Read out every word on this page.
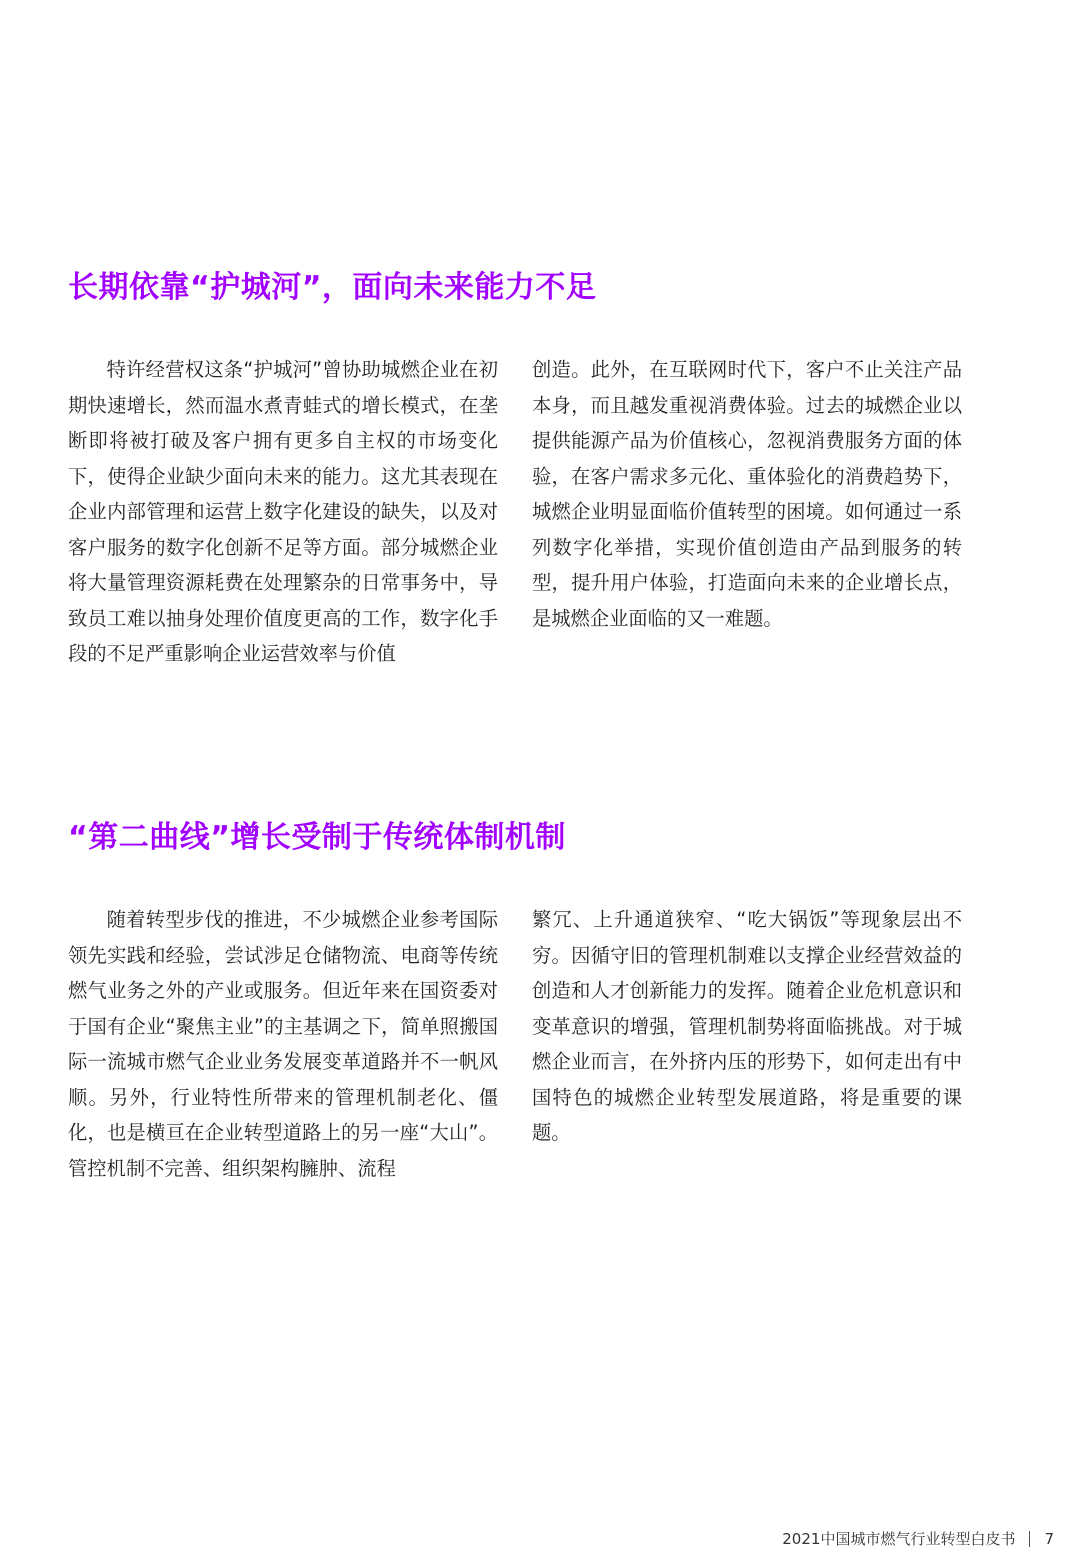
长期依靠“护城河”，面向未来能力不足

特许经营权这条“护城河”曾协助城燃企业在初期快速增长，然而温水煮青蛙式的增长模式，在垄断即将被打破及客户拥有更多自主权的市场变化下，使得企业缺少面向未来的能力。这尤其表现在企业内部管理和运营上数字化建设的缺失，以及对客户服务的数字化创新不足等方面。部分城燃企业将大量管理资源耗费在处理繁杂的日常事务中，导致员工难以抽身处理价值度更高的工作，数字化手段的不足严重影响企业运营效率与价值

创造。此外，在互联网时代下，客户不止关注产品本身，而且越发重视消费体验。过去的城燃企业以提供能源产品为价值核心，忽视消费服务方面的体验，在客户需求多元化、重体验化的消费趋势下，城燃企业明显面临价值转型的困境。如何通过一系列数字化举措，实现价值创造由产品到服务的转型，提升用户体验，打造面向未来的企业增长点，是城燃企业面临的又一难题。

“第二曲线”增长受制于传统体制机制

随着转型步伐的推进，不少城燃企业参考国际领先实践和经验，尝试涉足仓储物流、电商等传统燃气业务之外的产业或服务。但近年来在国资委对于国有企业“聚焦主业”的主基调之下，简单照搬国际一流城市燃气企业业务发展变革道路并不一帆风顺。另外，行业特性所带来的管理机制老化、僵化，也是横亘在企业转型道路上的另一座“大山”。管控机制不完善、组织架构臃肿、流程

繁冗、上升通道狭窄、“吃大锅饭”等现象层出不穷。因循守旧的管理机制难以支撑企业经营效益的创造和人才创新能力的发挥。随着企业危机意识和变革意识的增强，管理机制势将面临挑战。对于城燃企业而言，在外挤内压的形势下，如何走出有中国特色的城燃企业转型发展道路，将是重要的课题。

2021中国城市燃气行业转型白皮书 7
